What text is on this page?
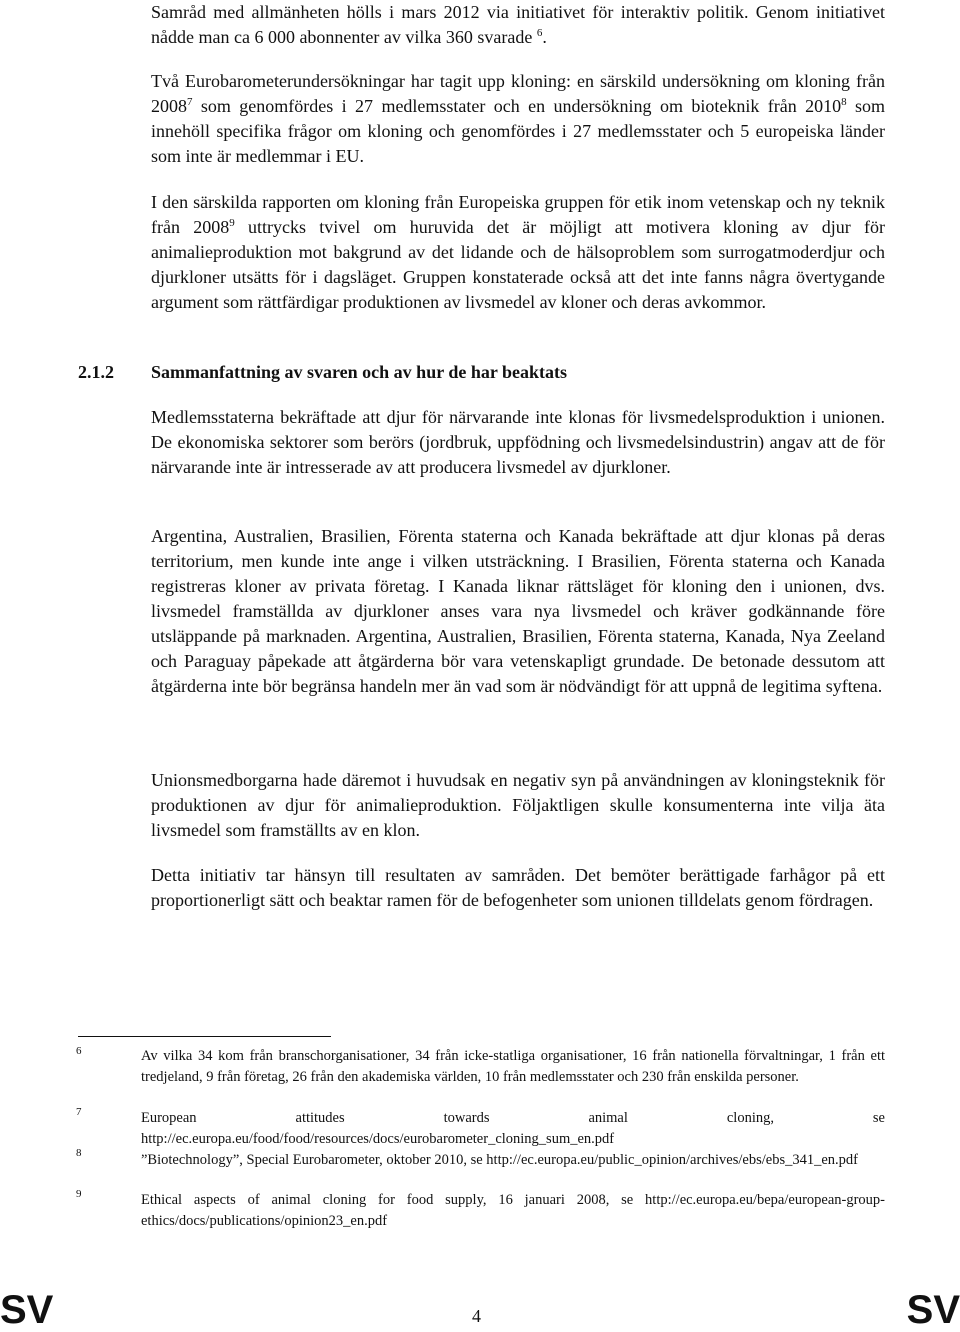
Samråd med allmänheten hölls i mars 2012 via initiativet för interaktiv politik. Genom initiativet nådde man ca 6 000 abonnenter av vilka 360 svarade $^6$.

Två Eurobarometerundersökningar har tagit upp kloning: en särskild undersökning om kloning från 2008$^7$ som genomfördes i 27 medlemsstater och en undersökning om bioteknik från 2010$^8$ som innehöll specifika frågor om kloning och genomfördes i 27 medlemsstater och 5 europeiska länder som inte är medlemmar i EU.

I den särskilda rapporten om kloning från Europeiska gruppen för etik inom vetenskap och ny teknik från 2008$^9$ uttrycks tvivel om huruvida det är möjligt att motivera kloning av djur för animalieproduktion mot bakgrund av det lidande och de hälsoproblem som surrogatmoderdjur och djurkloner utsätts för i dagsläget. Gruppen konstaterade också att det inte fanns några övertygande argument som rättfärdigar produktionen av livsmedel av kloner och deras avkommor.

2.1.2 Sammanfattning av svaren och av hur de har beaktats

Medlemsstaterna bekräftade att djur för närvarande inte klonas för livsmedelsproduktion i unionen. De ekonomiska sektorer som berörs (jordbruk, uppfödning och livsmedelsindustrin) angav att de för närvarande inte är intresserade av att producera livsmedel av djurkloner.

Argentina, Australien, Brasilien, Förenta staterna och Kanada bekräftade att djur klonas på deras territorium, men kunde inte ange i vilken utsträckning. I Brasilien, Förenta staterna och Kanada registreras kloner av privata företag. I Kanada liknar rättsläget för kloning den i unionen, dvs. livsmedel framställda av djurkloner anses vara nya livsmedel och kräver godkännande före utsläppande på marknaden. Argentina, Australien, Brasilien, Förenta staterna, Kanada, Nya Zeeland och Paraguay påpekade att åtgärderna bör vara vetenskapligt grundade. De betonade dessutom att åtgärderna inte bör begränsa handeln mer än vad som är nödvändigt för att uppnå de legitima syftena.

Unionsmedborgarna hade däremot i huvudsak en negativ syn på användningen av kloningsteknik för produktionen av djur för animalieproduktion. Följaktligen skulle konsumenterna inte vilja äta livsmedel som framställts av en klon.

Detta initiativ tar hänsyn till resultaten av samråden. Det bemöter berättigade farhågor på ett proportionerligt sätt och beaktar ramen för de befogenheter som unionen tilldelats genom fördragen.

6	Av vilka 34 kom från branschorganisationer, 34 från icke-statliga organisationer, 16 från nationella förvaltningar, 1 från ett tredjeland, 9 från företag, 26 från den akademiska världen, 10 från medlemsstater och 230 från enskilda personer.

7	European attitudes towards animal cloning, se http://ec.europa.eu/food/food/resources/docs/eurobarometer_cloning_sum_en.pdf

8	”Biotechnology”, Special Eurobarometer, oktober 2010, se http://ec.europa.eu/public_opinion/archives/ebs/ebs_341_en.pdf

9	Ethical aspects of animal cloning for food supply, 16 januari 2008, se http://ec.europa.eu/bepa/european-group-ethics/docs/publications/opinion23_en.pdf

SV	4	SV
